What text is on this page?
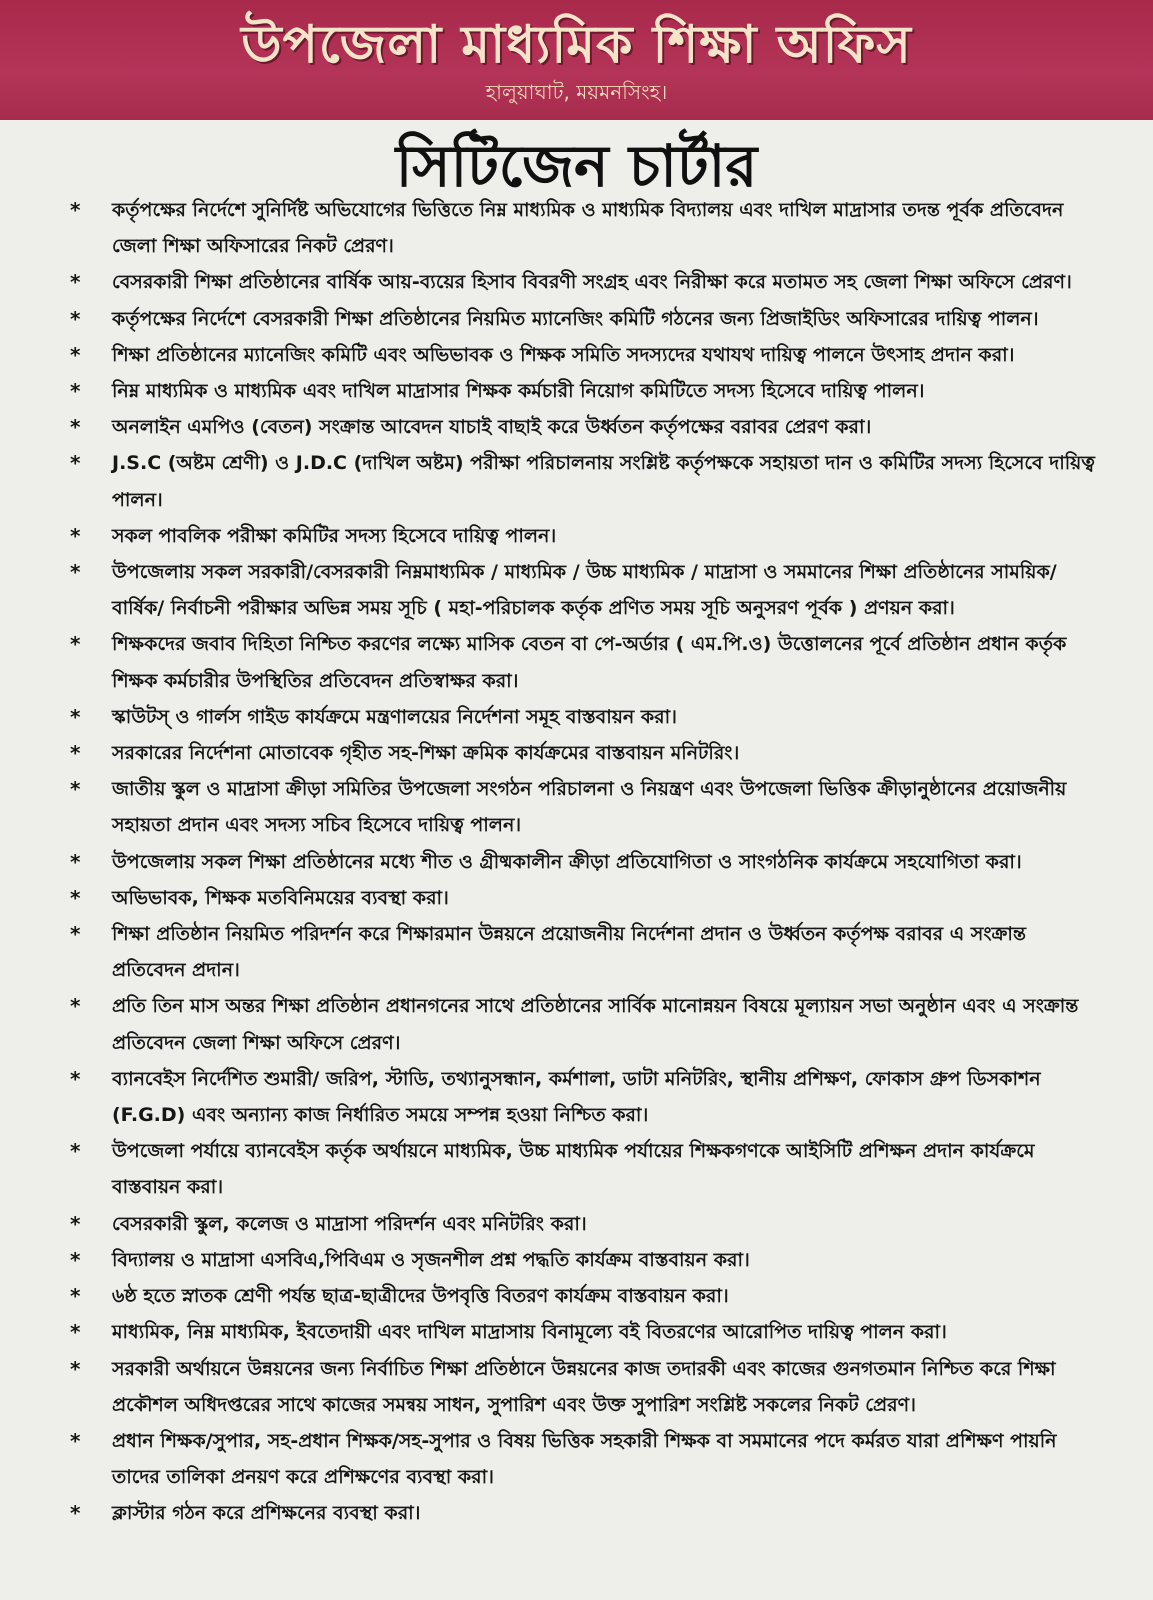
উপজেলা মাধ্যমিক শিক্ষা অফিস
হালুয়াঘাট, ময়মনসিংহ।
সিটিজেন চার্টার
* কর্তৃপক্ষের নির্দেশে সুনির্দিষ্ট অভিযোগের ভিত্তিতে নিম্ন মাধ্যমিক ও মাধ্যমিক বিদ্যালয় এবং দাখিল মাদ্রাসার তদন্ত পূর্বক প্রতিবেদন জেলা শিক্ষা অফিসারের নিকট প্রেরণ।
* বেসরকারী শিক্ষা প্রতিষ্ঠানের বার্ষিক আয়-ব্যয়ের হিসাব বিবরণী সংগ্রহ এবং নিরীক্ষা করে মতামত সহ জেলা শিক্ষা অফিসে প্রেরণ।
* কর্তৃপক্ষের নির্দেশে বেসরকারী শিক্ষা প্রতিষ্ঠানের নিয়মিত ম্যানেজিং কমিটি গঠনের জন্য প্রিজাইডিং অফিসারের দায়িত্ব পালন।
* শিক্ষা প্রতিষ্ঠানের ম্যানেজিং কমিটি এবং অভিভাবক ও শিক্ষক সমিতি সদস্যদের যথাযথ দায়িত্ব পালনে উৎসাহ প্রদান করা।
* নিম্ন মাধ্যমিক ও মাধ্যমিক এবং দাখিল মাদ্রাসার শিক্ষক কর্মচারী নিয়োগ কমিটিতে সদস্য হিসেবে দায়িত্ব পালন।
* অনলাইন এমপিও (বেতন) সংক্রান্ত আবেদন যাচাই বাছাই করে উর্ধ্বতন কর্তৃপক্ষের বরাবর প্রেরণ করা।
* J.S.C (অষ্টম শ্রেণী) ও J.D.C (দাখিল অষ্টম) পরীক্ষা পরিচালনায় সংশ্লিষ্ট কর্তৃপক্ষকে সহায়তা দান ও কমিটির সদস্য হিসেবে দায়িত্ব পালন।
* সকল পাবলিক পরীক্ষা কমিটির সদস্য হিসেবে দায়িত্ব পালন।
* উপজেলায় সকল সরকারী/বেসরকারী নিম্নমাধ্যমিক / মাধ্যমিক / উচ্চ মাধ্যমিক / মাদ্রাসা ও সমমানের শিক্ষা প্রতিষ্ঠানের সাময়িক/ বার্ষিক/ নির্বাচনী পরীক্ষার অভিন্ন সময় সূচি ( মহা-পরিচালক কর্তৃক প্রণিত সময় সূচি অনুসরণ পূর্বক ) প্রণয়ন করা।
* শিক্ষকদের জবাব দিহিতা নিশ্চিত করণের লক্ষ্যে মাসিক বেতন বা পে-অর্ডার ( এম.পি.ও) উত্তোলনের পূর্বে প্রতিষ্ঠান প্রধান কর্তৃক শিক্ষক কর্মচারীর উপস্থিতির প্রতিবেদন প্রতিস্বাক্ষর করা।
* স্কাউটস্ ও গার্লস গাইড কার্যক্রমে মন্ত্রণালয়ের নির্দেশনা সমূহ বাস্তবায়ন করা।
* সরকারের নির্দেশনা মোতাবেক গৃহীত সহ-শিক্ষা ক্রমিক কার্যক্রমের বাস্তবায়ন মনিটরিং।
* জাতীয় স্কুল ও মাদ্রাসা ক্রীড়া সমিতির উপজেলা সংগঠন পরিচালনা ও নিয়ন্ত্রণ এবং উপজেলা ভিত্তিক ক্রীড়ানুষ্ঠানের প্রয়োজনীয় সহায়তা প্রদান এবং সদস্য সচিব হিসেবে দায়িত্ব পালন।
* উপজেলায় সকল শিক্ষা প্রতিষ্ঠানের মধ্যে শীত ও গ্রীষ্মকালীন ক্রীড়া প্রতিযোগিতা ও সাংগঠনিক কার্যক্রমে সহযোগিতা করা।
* অভিভাবক, শিক্ষক মতবিনিময়ের ব্যবস্থা করা।
* শিক্ষা প্রতিষ্ঠান নিয়মিত পরিদর্শন করে শিক্ষারমান উন্নয়নে প্রয়োজনীয় নির্দেশনা প্রদান ও উর্ধ্বতন কর্তৃপক্ষ বরাবর এ সংক্রান্ত প্রতিবেদন প্রদান।
* প্রতি তিন মাস অন্তর শিক্ষা প্রতিষ্ঠান প্রধানগনের সাথে প্রতিষ্ঠানের সার্বিক মানোন্নয়ন বিষয়ে মূল্যায়ন সভা অনুষ্ঠান এবং এ সংক্রান্ত প্রতিবেদন জেলা শিক্ষা অফিসে প্রেরণ।
* ব্যানবেইস নির্দেশিত শুমারী/ জরিপ, স্টাডি, তথ্যানুসন্ধান, কর্মশালা, ডাটা মনিটরিং, স্থানীয় প্রশিক্ষণ, ফোকাস গ্রুপ ডিসকাশন (F.G.D) এবং অন্যান্য কাজ নির্ধারিত সময়ে সম্পন্ন হওয়া নিশ্চিত করা।
* উপজেলা পর্যায়ে ব্যানবেইস কর্তৃক অর্থায়নে মাধ্যমিক, উচ্চ মাধ্যমিক পর্যায়ের শিক্ষকগণকে আইসিটি প্রশিক্ষন প্রদান কার্যক্রমে বাস্তবায়ন করা।
* বেসরকারী স্কুল, কলেজ ও মাদ্রাসা পরিদর্শন এবং মনিটরিং করা।
* বিদ্যালয় ও মাদ্রাসা এসবিএ,পিবিএম ও সৃজনশীল প্রশ্ন পদ্ধতি কার্যক্রম বাস্তবায়ন করা।
* ৬ষ্ঠ হতে স্নাতক শ্রেণী পর্যন্ত ছাত্র-ছাত্রীদের উপবৃত্তি বিতরণ কার্যক্রম বাস্তবায়ন করা।
* মাধ্যমিক, নিম্ন মাধ্যমিক, ইবতেদায়ী এবং দাখিল মাদ্রাসায় বিনামূল্যে বই বিতরণের আরোপিত দায়িত্ব পালন করা।
* সরকারী অর্থায়নে উন্নয়নের জন্য নির্বাচিত শিক্ষা প্রতিষ্ঠানে উন্নয়নের কাজ তদারকী এবং কাজের গুনগতমান নিশ্চিত করে শিক্ষা প্রকৌশল অধিদপ্তরের সাথে কাজের সমন্বয় সাধন, সুপারিশ এবং উক্ত সুপারিশ সংশ্লিষ্ট সকলের নিকট প্রেরণ।
* প্রধান শিক্ষক/সুপার, সহ-প্রধান শিক্ষক/সহ-সুপার ও বিষয় ভিত্তিক সহকারী শিক্ষক বা সমমানের পদে কর্মরত যারা প্রশিক্ষণ পায়নি তাদের তালিকা প্রনয়ণ করে প্রশিক্ষণের ব্যবস্থা করা।
* ক্লাস্টার গঠন করে প্রশিক্ষনের ব্যবস্থা করা।
